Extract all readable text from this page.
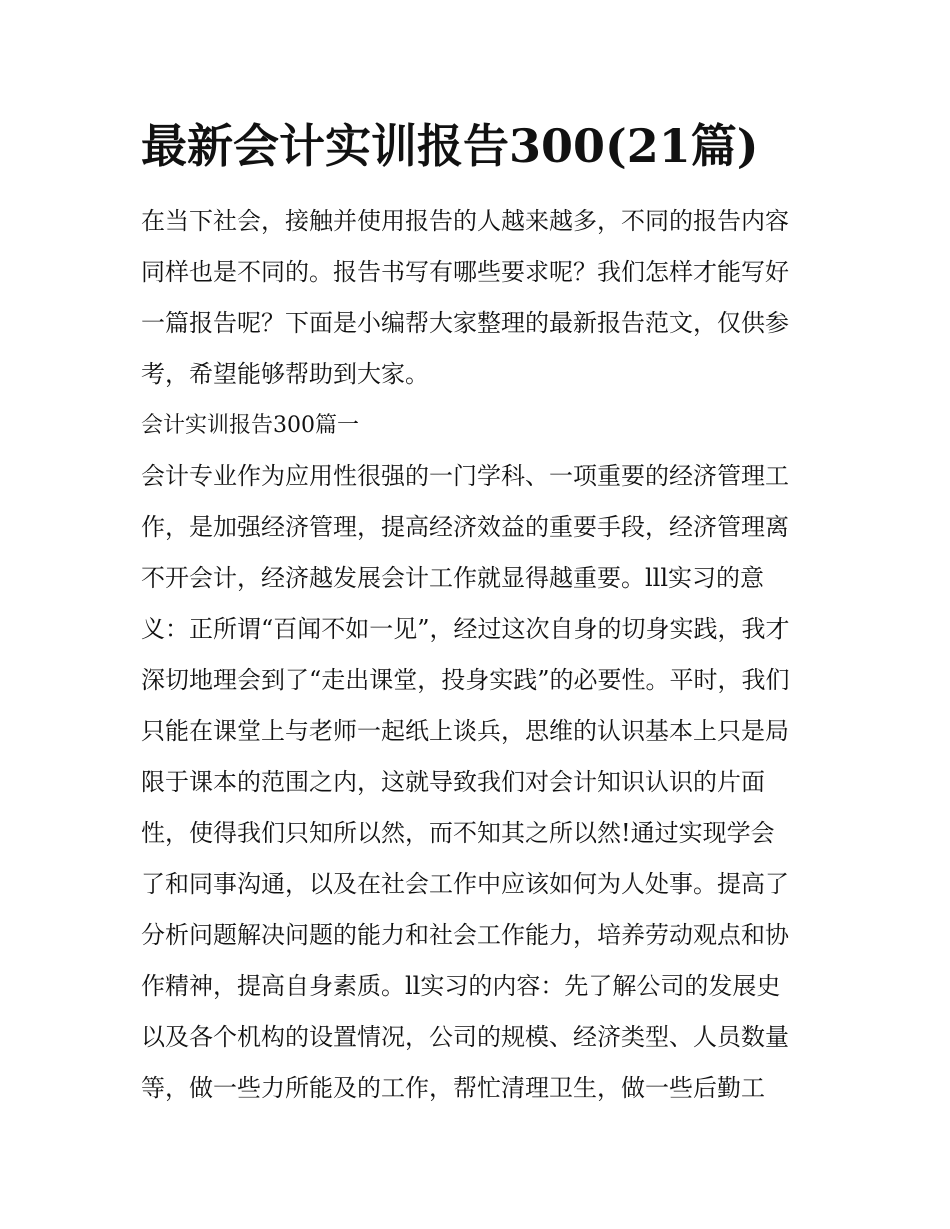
最新会计实训报告300(21篇)
在当下社会，接触并使用报告的人越来越多，不同的报告内容
同样也是不同的。报告书写有哪些要求呢？我们怎样才能写好
一篇报告呢？下面是小编帮大家整理的最新报告范文，仅供参
考，希望能够帮助到大家。
会计实训报告300篇一
会计专业作为应用性很强的一门学科、一项重要的经济管理工
作，是加强经济管理，提高经济效益的重要手段，经济管理离
不开会计，经济越发展会计工作就显得越重要。lll实习的意
义：正所谓“百闻不如一见”，经过这次自身的切身实践，我才
深切地理会到了“走出课堂，投身实践”的必要性。平时，我们
只能在课堂上与老师一起纸上谈兵，思维的认识基本上只是局
限于课本的范围之内，这就导致我们对会计知识认识的片面
性，使得我们只知所以然，而不知其之所以然!通过实现学会
了和同事沟通，以及在社会工作中应该如何为人处事。提高了
分析问题解决问题的能力和社会工作能力，培养劳动观点和协
作精神，提高自身素质。ll实习的内容：先了解公司的发展史
以及各个机构的设置情况，公司的规模、经济类型、人员数量
等，做一些力所能及的工作，帮忙清理卫生，做一些后勤工
